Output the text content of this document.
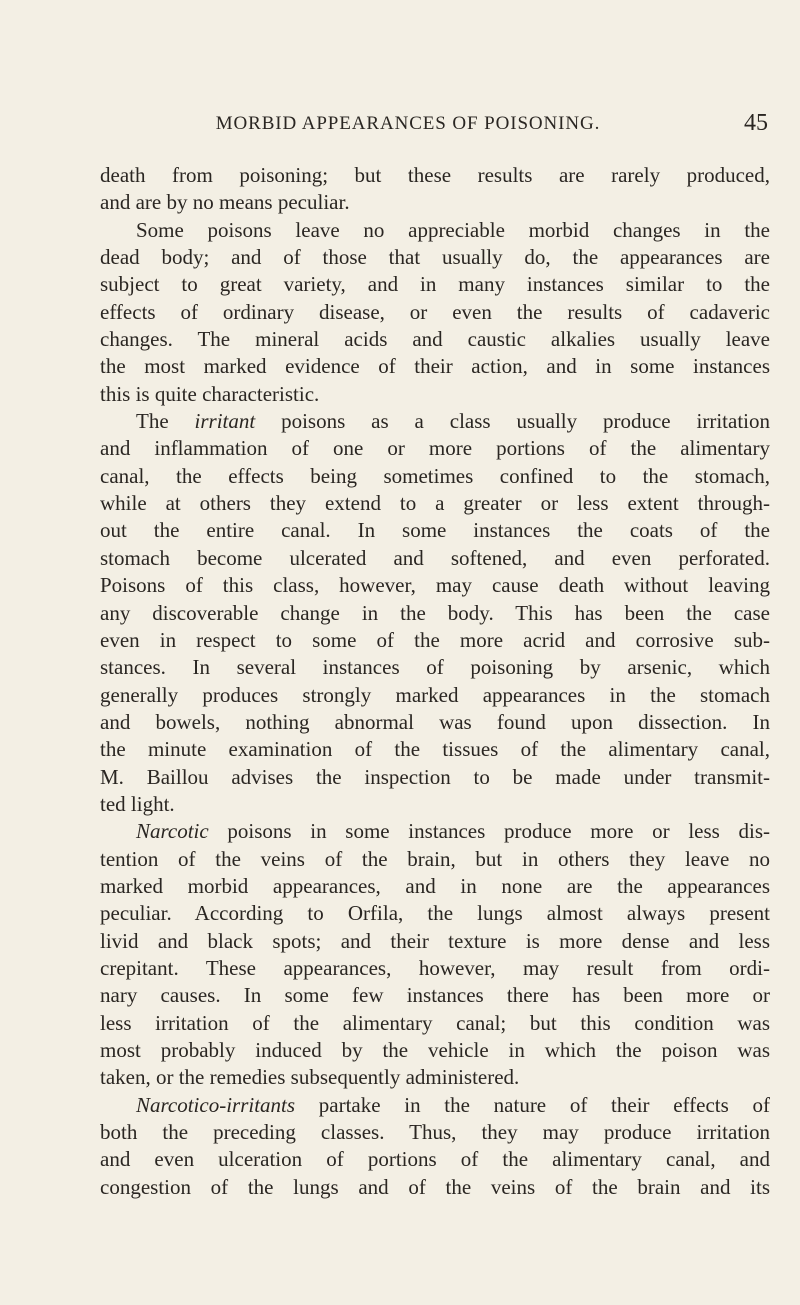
MORBID APPEARANCES OF POISONING.	45
death from poisoning; but these results are rarely produced,
and are by no means peculiar.
Some poisons leave no appreciable morbid changes in the
dead body; and of those that usually do, the appearances are
subject to great variety, and in many instances similar to the
effects of ordinary disease, or even the results of cadaveric
changes. The mineral acids and caustic alkalies usually leave
the most marked evidence of their action, and in some instances
this is quite characteristic.
The irritant poisons as a class usually produce irritation
and inflammation of one or more portions of the alimentary
canal, the effects being sometimes confined to the stomach,
while at others they extend to a greater or less extent through-
out the entire canal. In some instances the coats of the
stomach become ulcerated and softened, and even perforated.
Poisons of this class, however, may cause death without leaving
any discoverable change in the body. This has been the case
even in respect to some of the more acrid and corrosive sub-
stances. In several instances of poisoning by arsenic, which
generally produces strongly marked appearances in the stomach
and bowels, nothing abnormal was found upon dissection. In
the minute examination of the tissues of the alimentary canal,
M. Baillou advises the inspection to be made under transmit-
ted light.
Narcotic poisons in some instances produce more or less dis-
tention of the veins of the brain, but in others they leave no
marked morbid appearances, and in none are the appearances
peculiar. According to Orfila, the lungs almost always present
livid and black spots; and their texture is more dense and less
crepitant. These appearances, however, may result from ordi-
nary causes. In some few instances there has been more or
less irritation of the alimentary canal; but this condition was
most probably induced by the vehicle in which the poison was
taken, or the remedies subsequently administered.
Narcotico-irritants partake in the nature of their effects of
both the preceding classes. Thus, they may produce irritation
and even ulceration of portions of the alimentary canal, and
congestion of the lungs and of the veins of the brain and its
